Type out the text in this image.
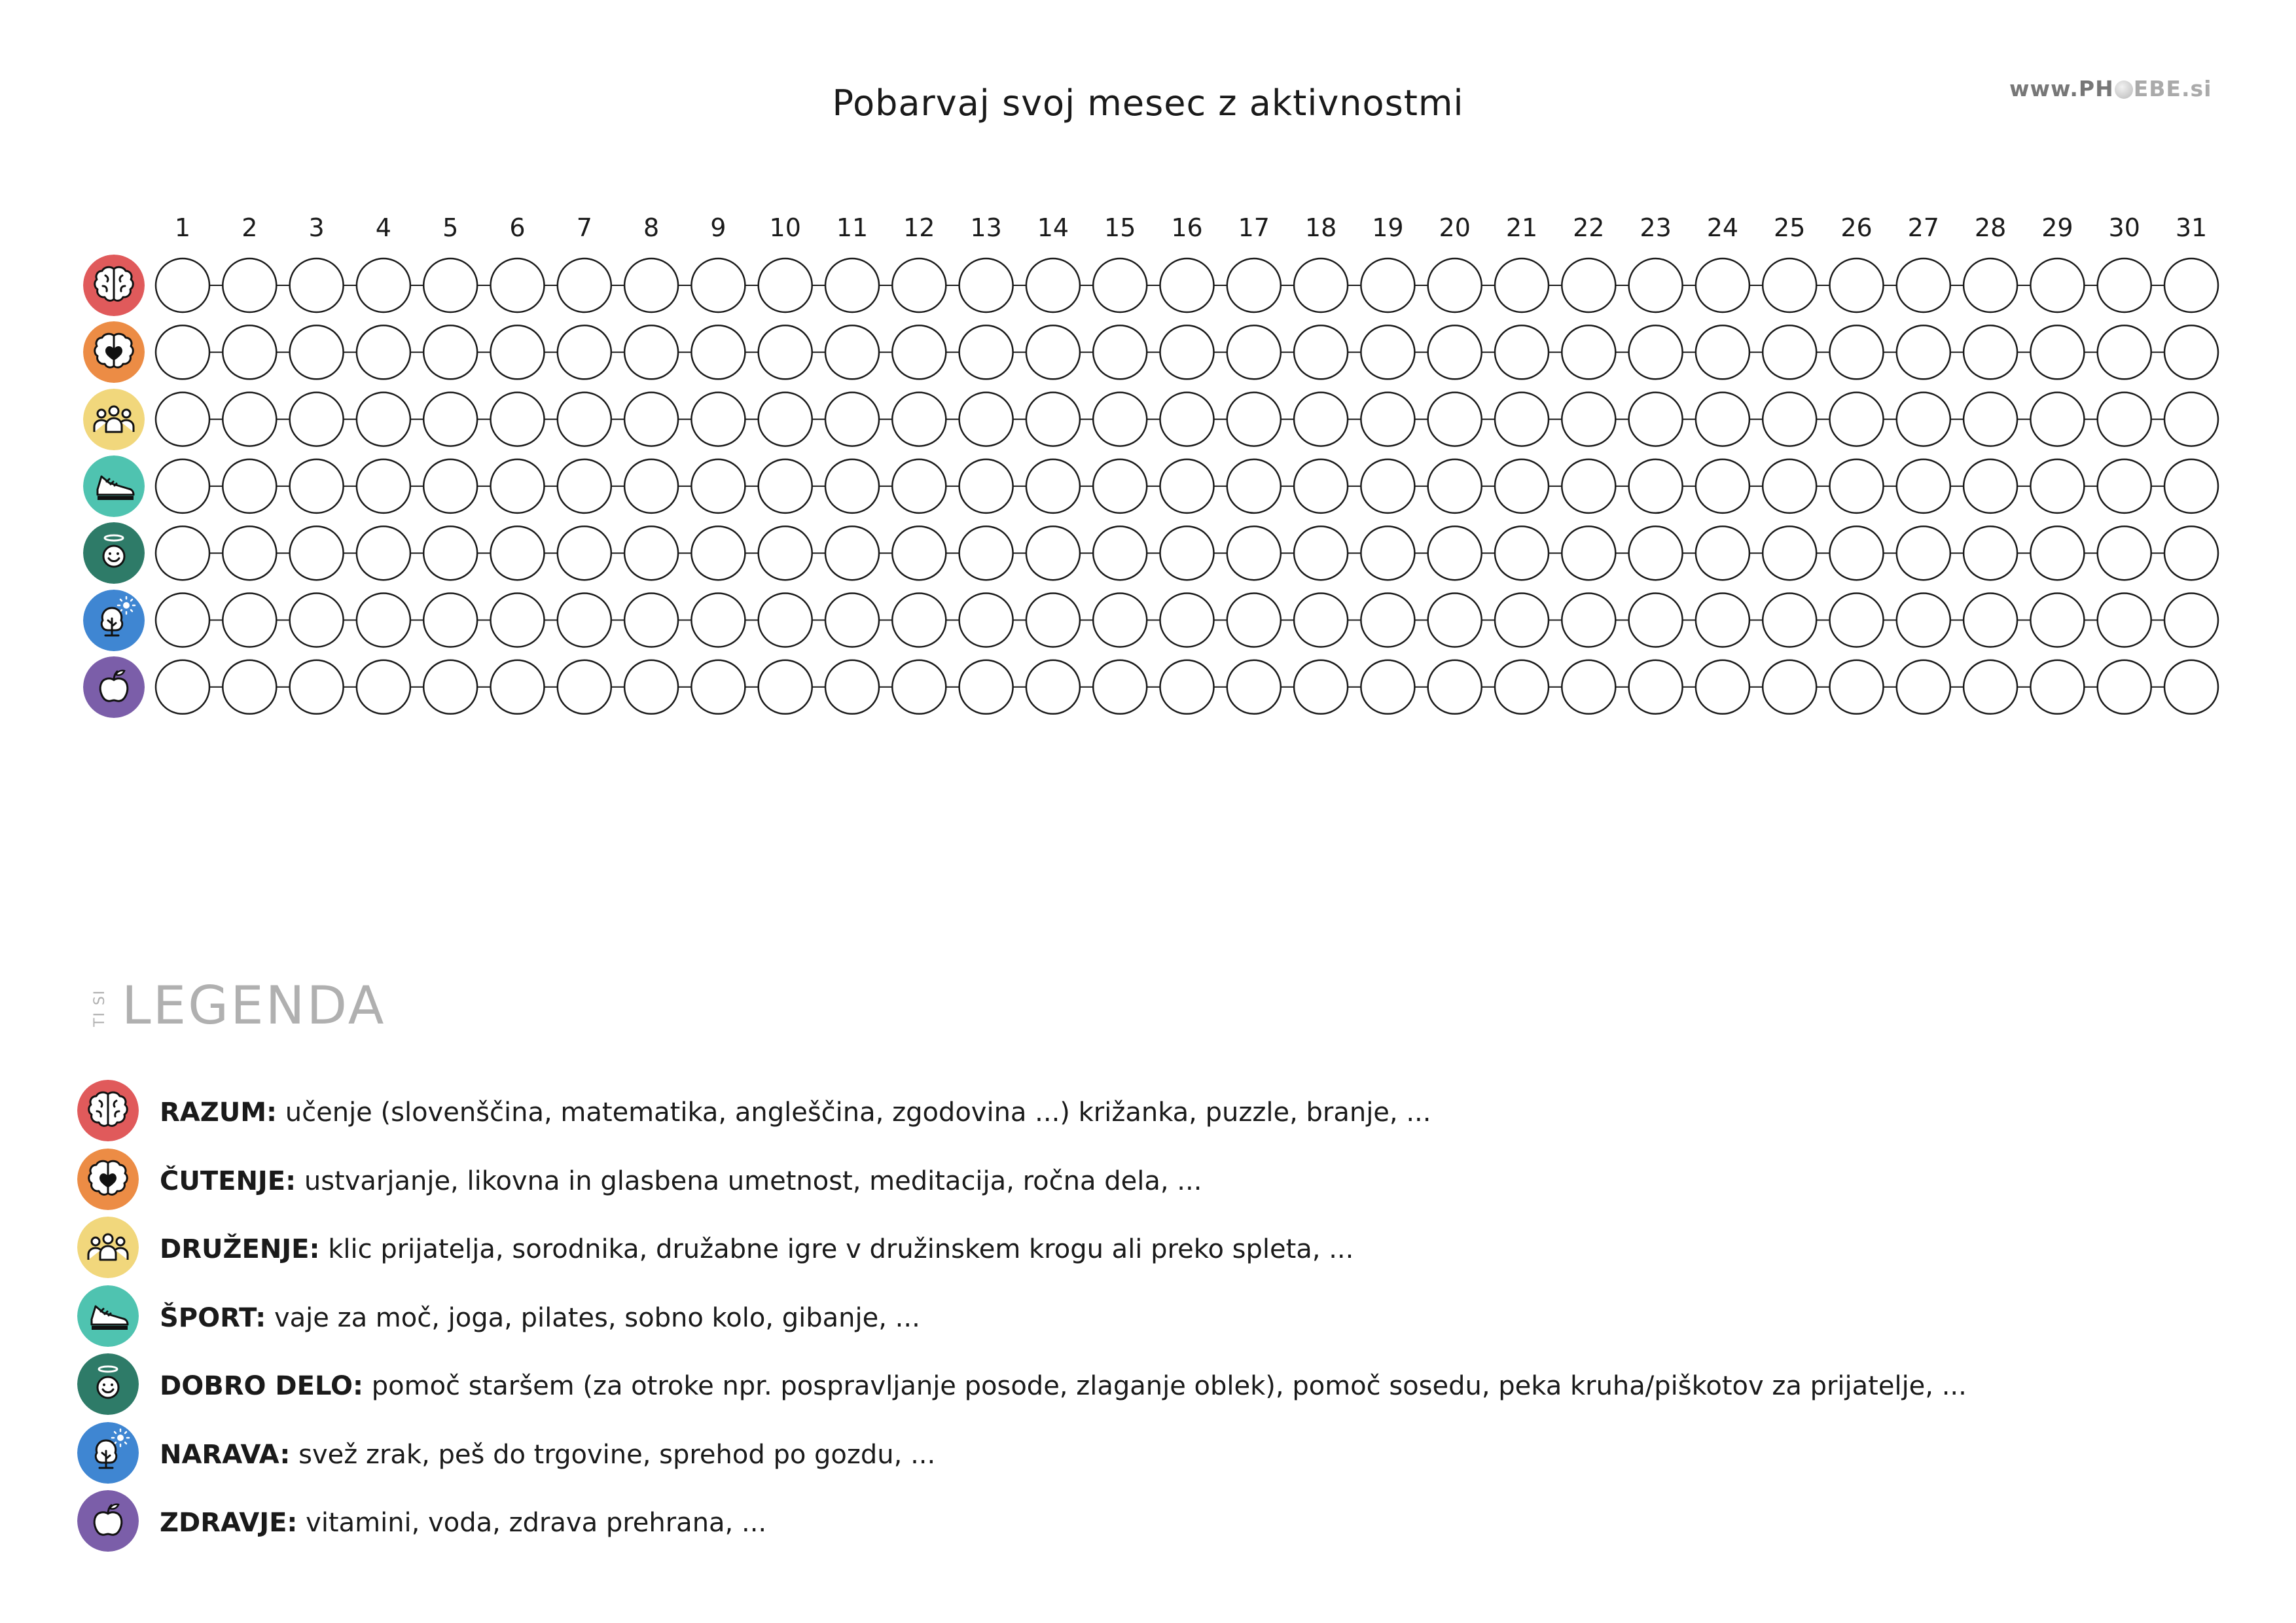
Pobarvaj svoj mesec z aktivnostmi	www.PH EBE.si
1 2 3 4 5 6 7 8 9 10 11 12 13 14 15 16 17 18 19 20 21 22 23 24 25 26 27 28 29 30 31
TI SI LEGENDA
RAZUM: učenje (slovenščina, matematika, angleščina, zgodovina ...) križanka, puzzle, branje, ...
ČUTENJE: ustvarjanje, likovna in glasbena umetnost, meditacija, ročna dela, ...
DRUŽENJE: klic prijatelja, sorodnika, družabne igre v družinskem krogu ali preko spleta, ...
ŠPORT: vaje za moč, joga, pilates, sobno kolo, gibanje, ...
DOBRO DELO: pomoč staršem (za otroke npr. pospravljanje posode, zlaganje oblek), pomoč sosedu, peka kruha/piškotov za prijatelje, ...
NARAVA: svež zrak, peš do trgovine, sprehod po gozdu, ...
ZDRAVJE: vitamini, voda, zdrava prehrana, ...
